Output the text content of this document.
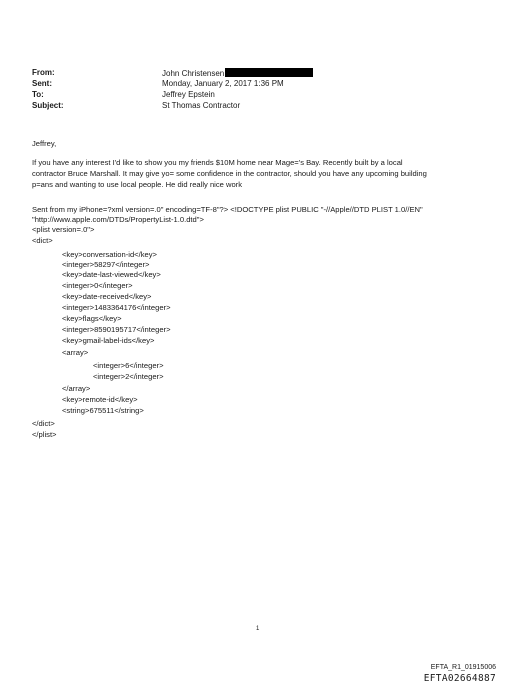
From:	John Christensen
Sent:	Monday, January 2, 2017 1:36 PM
To:	Jeffrey Epstein
Subject:	St Thomas Contractor
Jeffrey,
If you have any interest I'd like to show you my friends $10M home near Mage='s Bay. Recently built by a local
contractor Bruce Marshall. It may give yo= some confidence in the contractor, should you have any upcoming building
p=ans and wanting to use local people. He did really nice work
Sent from my iPhone=?xml version=.0" encoding=TF-8"?> <!DOCTYPE plist PUBLIC "-//Apple//DTD PLIST 1.0//EN"
"http://www.apple.com/DTDs/PropertyList-1.0.dtd">
<plist version=.0">
<dict>
<key>conversation-id</key>
<integer>58297</integer>
<key>date-last-viewed</key>
<integer>0</integer>
<key>date-received</key>
<integer>1483364176</integer>
<key>flags</key>
<integer>8590195717</integer>
<key>gmail-label-ids</key>
<array>
<integer>6</integer>
<integer>2</integer>
</array>
<key>remote-id</key>
<string>675511</string>
</dict>
</plist>
1
EFTA_R1_01915006
EFTA02664887
